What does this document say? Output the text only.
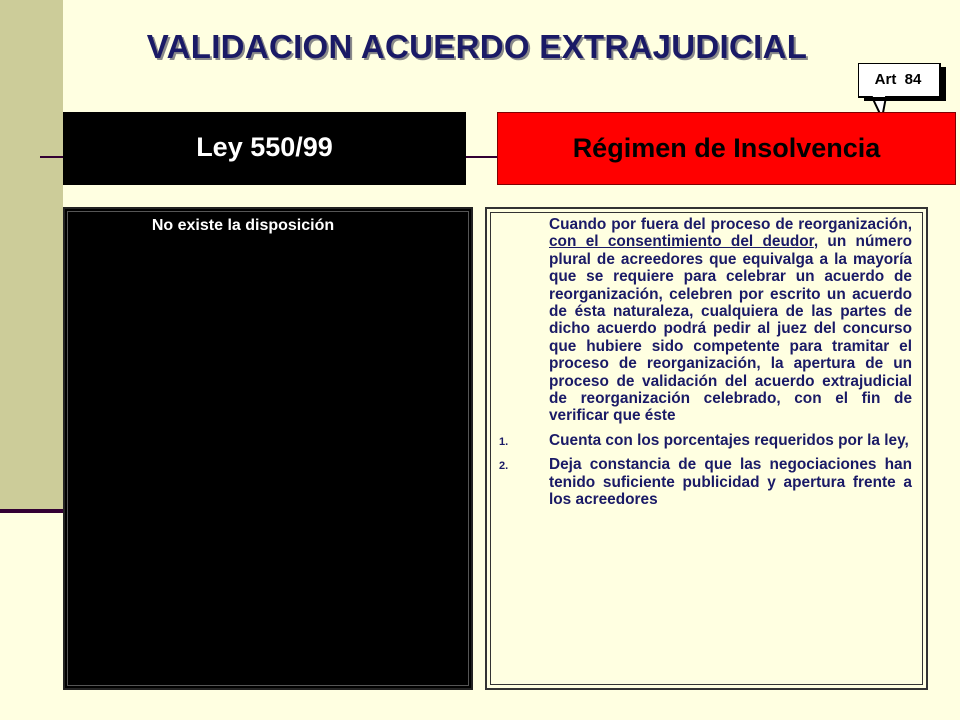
VALIDACION ACUERDO EXTRAJUDICIAL
Art  84
Ley 550/99	Régimen de Insolvencia
No existe la disposición	Cuando por fuera del proceso de reorganización, con el consentimiento del deudor, un número plural de acreedores que equivalga a la mayoría que se requiere para celebrar un acuerdo de reorganización, celebren por escrito un acuerdo de ésta naturaleza, cualquiera de las partes de dicho acuerdo podrá pedir al juez del concurso que hubiere sido competente para tramitar el proceso de reorganización, la apertura de un proceso de validación del acuerdo extrajudicial de reorganización celebrado, con el fin de verificar que éste
1.	Cuenta con los porcentajes requeridos por la ley,
2.	Deja constancia de que las negociaciones han tenido suficiente publicidad y apertura frente a los acreedores
